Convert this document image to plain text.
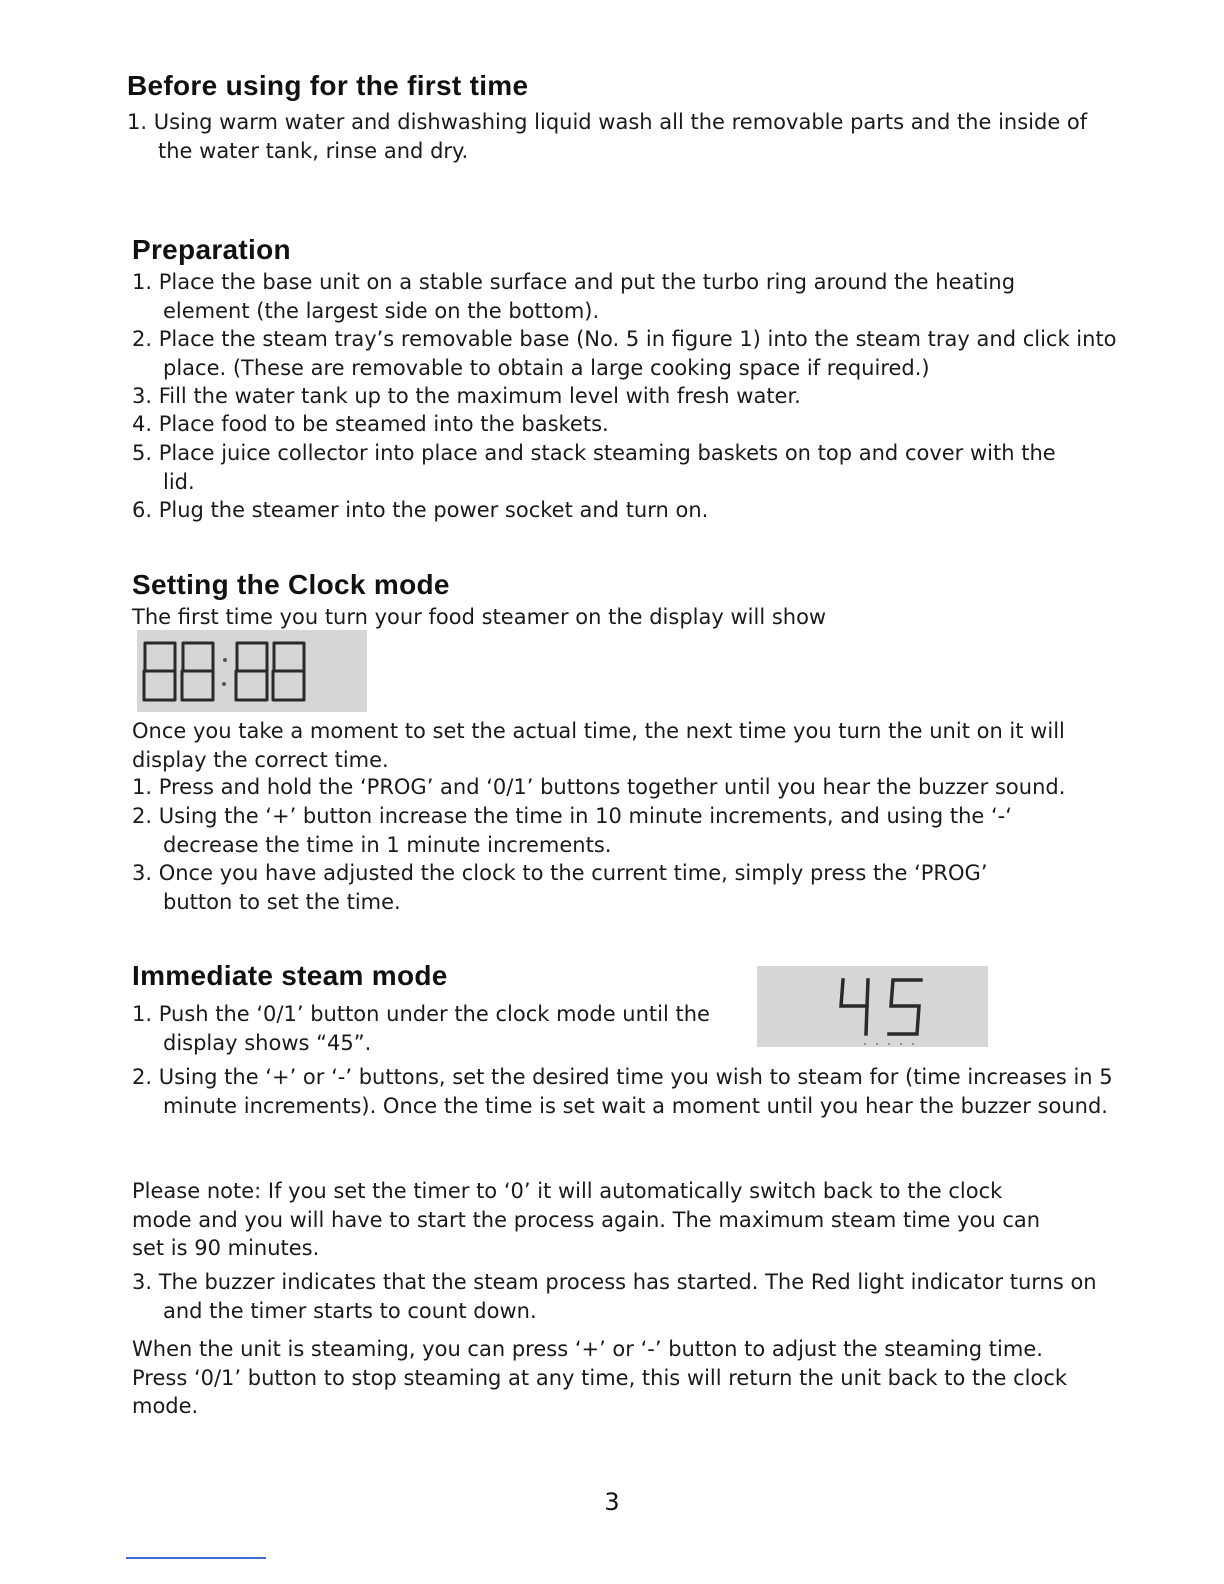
Before using for the first time

1. Using warm water and dishwashing liquid wash all the removable parts and the inside of the water tank, rinse and dry.

Preparation

1. Place the base unit on a stable surface and put the turbo ring around the heating element (the largest side on the bottom).

2. Place the steam tray’s removable base (No. 5 in figure 1) into the steam tray and click into place. (These are removable to obtain a large cooking space if required.)

3. Fill the water tank up to the maximum level with fresh water.

4. Place food to be steamed into the baskets.

5. Place juice collector into place and stack steaming baskets on top and cover with the lid.

6. Plug the steamer into the power socket and turn on.

Setting the Clock mode

The first time you turn your food steamer on the display will show

Once you take a moment to set the actual time, the next time you turn the unit on it will display the correct time.

1. Press and hold the ‘PROG’ and ‘0/1’ buttons together until you hear the buzzer sound.

2. Using the ‘+’ button increase the time in 10 minute increments, and using the ‘-‘ decrease the time in 1 minute increments.

3. Once you have adjusted the clock to the current time, simply press the ‘PROG’ button to set the time.

Immediate steam mode

1. Push the ‘0/1’ button under the clock mode until the display shows “45”.

2. Using the ‘+’ or ‘-’ buttons, set the desired time you wish to steam for (time increases in 5 minute increments). Once the time is set wait a moment until you hear the buzzer sound.

Please note: If you set the timer to ‘0’ it will automatically switch back to the clock mode and you will have to start the process again. The maximum steam time you can set is 90 minutes.

3. The buzzer indicates that the steam process has started. The Red light indicator turns on and the timer starts to count down.

When the unit is steaming, you can press ‘+’ or ‘-’ button to adjust the steaming time. Press ‘0/1’ button to stop steaming at any time, this will return the unit back to the clock mode.

3
